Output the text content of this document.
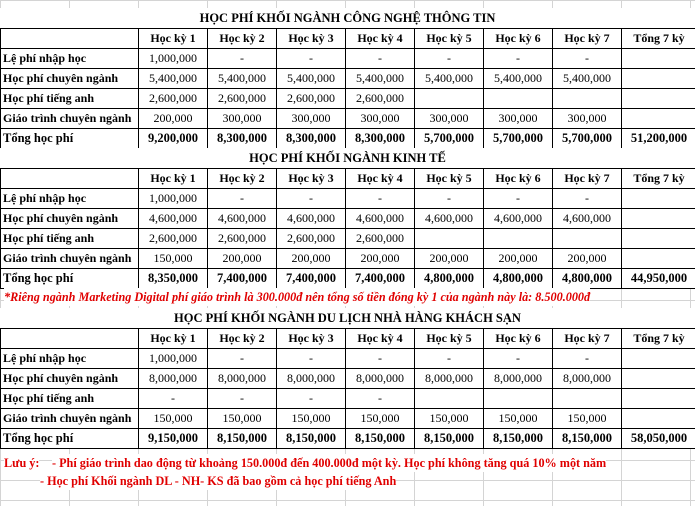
HỌC PHÍ KHỐI NGÀNH CÔNG NGHỆ THÔNG TIN
	Học kỳ 1	Học kỳ 2	Học kỳ 3	Học kỳ 4	Học kỳ 5	Học kỳ 6	Học kỳ 7	Tổng 7 kỳ
Lệ phí nhập học	1,000,000	-	-	-	-	-	-	
Học phí chuyên ngành	5,400,000	5,400,000	5,400,000	5,400,000	5,400,000	5,400,000	5,400,000	
Học phí tiếng anh	2,600,000	2,600,000	2,600,000	2,600,000				
Giáo trình chuyên ngành	200,000	300,000	300,000	300,000	300,000	300,000	300,000	
Tổng học phí	9,200,000	8,300,000	8,300,000	8,300,000	5,700,000	5,700,000	5,700,000	51,200,000
HỌC PHÍ KHỐI NGÀNH KINH TẾ
	Học kỳ 1	Học kỳ 2	Học kỳ 3	Học kỳ 4	Học kỳ 5	Học kỳ 6	Học kỳ 7	Tổng 7 kỳ
Lệ phí nhập học	1,000,000	-	-	-	-	-	-	
Học phí chuyên ngành	4,600,000	4,600,000	4,600,000	4,600,000	4,600,000	4,600,000	4,600,000	
Học phí tiếng anh	2,600,000	2,600,000	2,600,000	2,600,000				
Giáo trình chuyên ngành	150,000	200,000	200,000	200,000	200,000	200,000	200,000	
Tổng học phí	8,350,000	7,400,000	7,400,000	7,400,000	4,800,000	4,800,000	4,800,000	44,950,000
*Riêng ngành Marketing Digital phí giáo trình là 300.000đ nên tổng số tiền đóng kỳ 1 của ngành này là: 8.500.000đ
HỌC PHÍ KHỐI NGÀNH DU LỊCH NHÀ HÀNG KHÁCH SẠN
	Học kỳ 1	Học kỳ 2	Học kỳ 3	Học kỳ 4	Học kỳ 5	Học kỳ 6	Học kỳ 7	Tổng 7 kỳ
Lệ phí nhập học	1,000,000	-	-	-	-	-	-	
Học phí chuyên ngành	8,000,000	8,000,000	8,000,000	8,000,000	8,000,000	8,000,000	8,000,000	
Học phí tiếng anh	-	-	-	-				
Giáo trình chuyên ngành	150,000	150,000	150,000	150,000	150,000	150,000	150,000	
Tổng học phí	9,150,000	8,150,000	8,150,000	8,150,000	8,150,000	8,150,000	8,150,000	58,050,000
Lưu ý: - Phí giáo trình dao động từ khoảng 150.000đ đến 400.000đ một kỳ. Học phí không tăng quá 10% một năm
- Học phí Khối ngành DL - NH- KS đã bao gồm cả học phí tiếng Anh
